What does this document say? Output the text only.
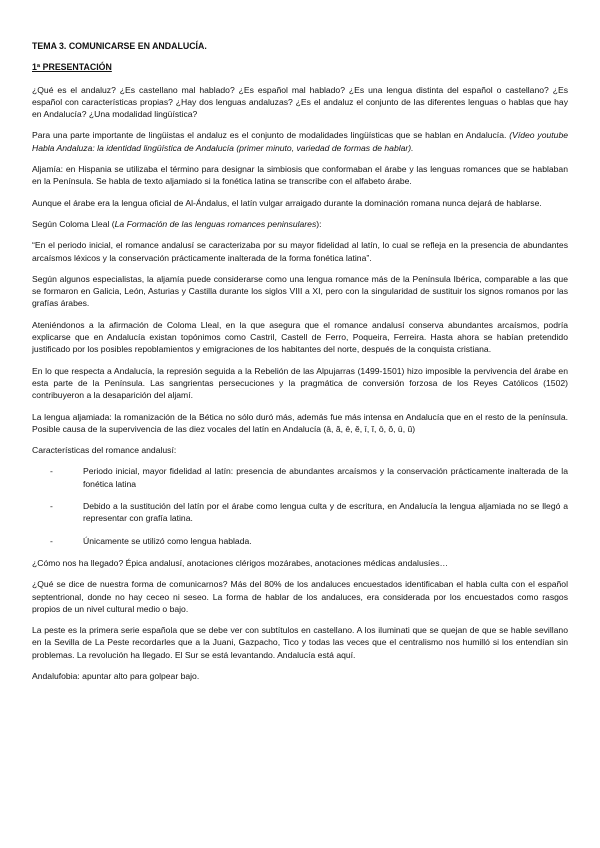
TEMA 3. COMUNICARSE EN ANDALUCÍA.
1ª PRESENTACIÓN

¿Qué es el andaluz? ¿Es castellano mal hablado? ¿Es español mal hablado? ¿Es una lengua distinta del español o castellano? ¿Es español con características propias? ¿Hay dos lenguas andaluzas? ¿Es el andaluz el conjunto de las diferentes lenguas o hablas que hay en Andalucía? ¿Una modalidad lingüística?

Para una parte importante de lingüistas el andaluz es el conjunto de modalidades lingüísticas que se hablan en Andalucía. (Vídeo youtube Habla Andaluza: la identidad lingüística de Andalucía (primer minuto, variedad de formas de hablar).

Aljamía: en Hispania se utilizaba el término para designar la simbiosis que conformaban el árabe y las lenguas romances que se hablaban en la Península. Se habla de texto aljamiado si la fonética latina se transcribe con el alfabeto árabe.

Aunque el árabe era la lengua oficial de Al-Ándalus, el latín vulgar arraigado durante la dominación romana nunca dejará de hablarse.

Según Coloma Lleal (La Formación de las lenguas romances peninsulares):

“En el periodo inicial, el romance andalusí se caracterizaba por su mayor fidelidad al latín, lo cual se refleja en la presencia de abundantes arcaísmos léxicos y la conservación prácticamente inalterada de la forma fonética latina”.

Según algunos especialistas, la aljamía puede considerarse como una lengua romance más de la Península Ibérica, comparable a las que se formaron en Galicia, León, Asturias y Castilla durante los siglos VIII a XI, pero con la singularidad de sustituir los signos romanos por las grafías árabes.

Ateniéndonos a la afirmación de Coloma Lleal, en la que asegura que el romance andalusí conserva abundantes arcaísmos, podría explicarse que en Andalucía existan topónimos como Castril, Castell de Ferro, Poqueira, Ferreira. Hasta ahora se habían pretendido justificado por los posibles repoblamientos y emigraciones de los habitantes del norte, después de la conquista cristiana.

En lo que respecta a Andalucía, la represión seguida a la Rebelión de las Alpujarras (1499-1501) hizo imposible la pervivencia del árabe en esta parte de la Península. Las sangrientas persecuciones y la pragmática de conversión forzosa de los Reyes Católicos (1502) contribuyeron a la desaparición del aljamí.

La lengua aljamiada: la romanización de la Bética no sólo duró más, además fue más intensa en Andalucía que en el resto de la península. Posible causa de la supervivencia de las diez vocales del latín en Andalucía (ā, ă, ē, ĕ, ī, ĭ, ō, ŏ, ū, ŭ)

Características del romance andalusí:

-	Periodo inicial, mayor fidelidad al latín: presencia de abundantes arcaísmos y la conservación prácticamente inalterada de la fonética latina
-	Debido a la sustitución del latín por el árabe como lengua culta y de escritura, en Andalucía la lengua aljamiada no se llegó a representar con grafía latina.
-	Únicamente se utilizó como lengua hablada.

¿Cómo nos ha llegado? Épica andalusí, anotaciones clérigos mozárabes, anotaciones médicas andalusíes…

¿Qué se dice de nuestra forma de comunicarnos? Más del 80% de los andaluces encuestados identificaban el habla culta con el español septentrional, donde no hay ceceo ni seseo. La forma de hablar de los andaluces, era considerada por los encuestados como rasgos propios de un nivel cultural medio o bajo.

La peste es la primera serie española que se debe ver con subtítulos en castellano. A los iluminati que se quejan de que se hable sevillano en la Sevilla de La Peste recordarles que a la Juani, Gazpacho, Tico y todas las veces que el centralismo nos humilló si los entendían sin problemas. La revolución ha llegado. El Sur se está levantando. Andalucía está aquí.

Andalufobia: apuntar alto para golpear bajo.
